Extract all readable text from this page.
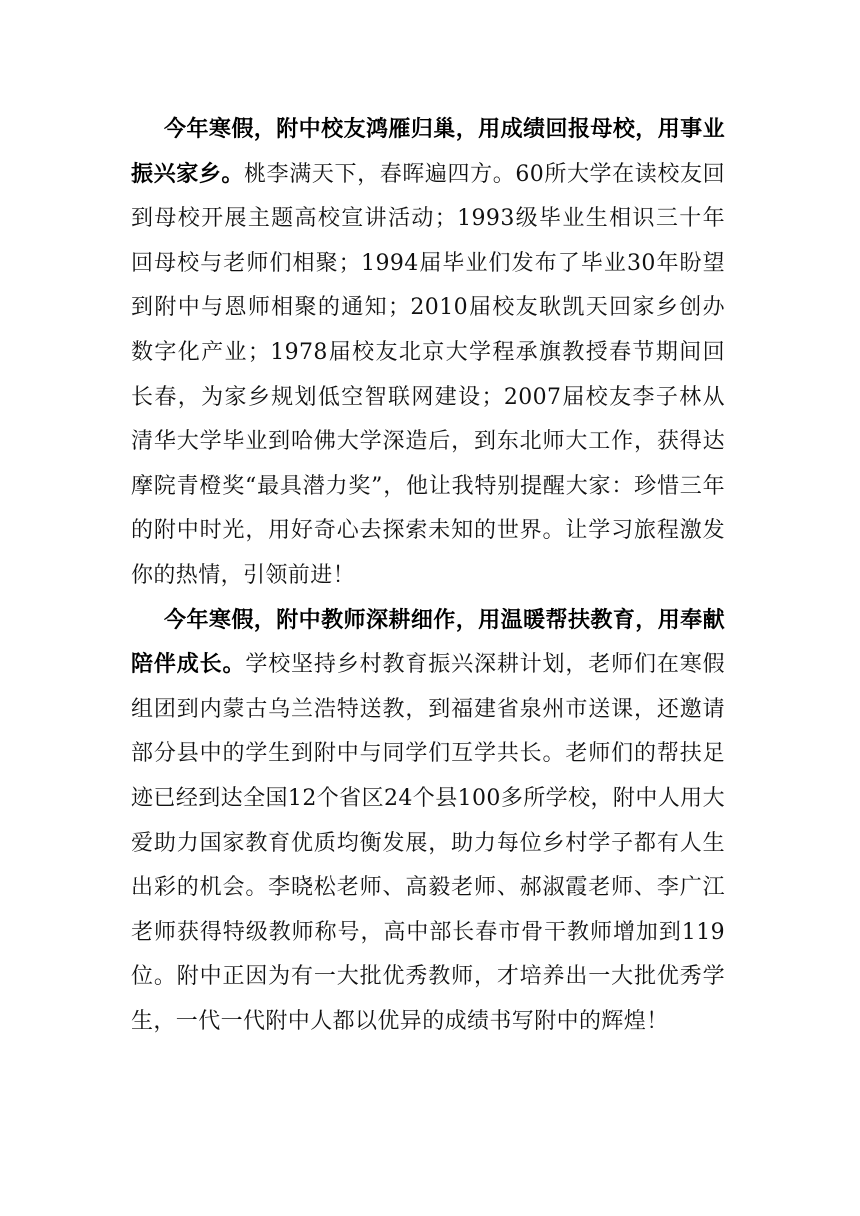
今年寒假，附中校友鸿雁归巢，用成绩回报母校，用事业振兴家乡。桃李满天下，春晖遍四方。60所大学在读校友回到母校开展主题高校宣讲活动；1993级毕业生相识三十年回母校与老师们相聚；1994届毕业们发布了毕业30年盼望到附中与恩师相聚的通知；2010届校友耿凯天回家乡创办数字化产业；1978届校友北京大学程承旗教授春节期间回长春，为家乡规划低空智联网建设；2007届校友李子林从清华大学毕业到哈佛大学深造后，到东北师大工作，获得达摩院青橙奖“最具潜力奖”，他让我特别提醒大家：珍惜三年的附中时光，用好奇心去探索未知的世界。让学习旅程激发你的热情，引领前进！

今年寒假，附中教师深耕细作，用温暖帮扶教育，用奉献陪伴成长。学校坚持乡村教育振兴深耕计划，老师们在寒假组团到内蒙古乌兰浩特送教，到福建省泉州市送课，还邀请部分县中的学生到附中与同学们互学共长。老师们的帮扶足迹已经到达全国12个省区24个县100多所学校，附中人用大爱助力国家教育优质均衡发展，助力每位乡村学子都有人生出彩的机会。李晓松老师、高毅老师、郝淑霞老师、李广江老师获得特级教师称号，高中部长春市骨干教师增加到119位。附中正因为有一大批优秀教师，才培养出一大批优秀学生，一代一代附中人都以优异的成绩书写附中的辉煌！
